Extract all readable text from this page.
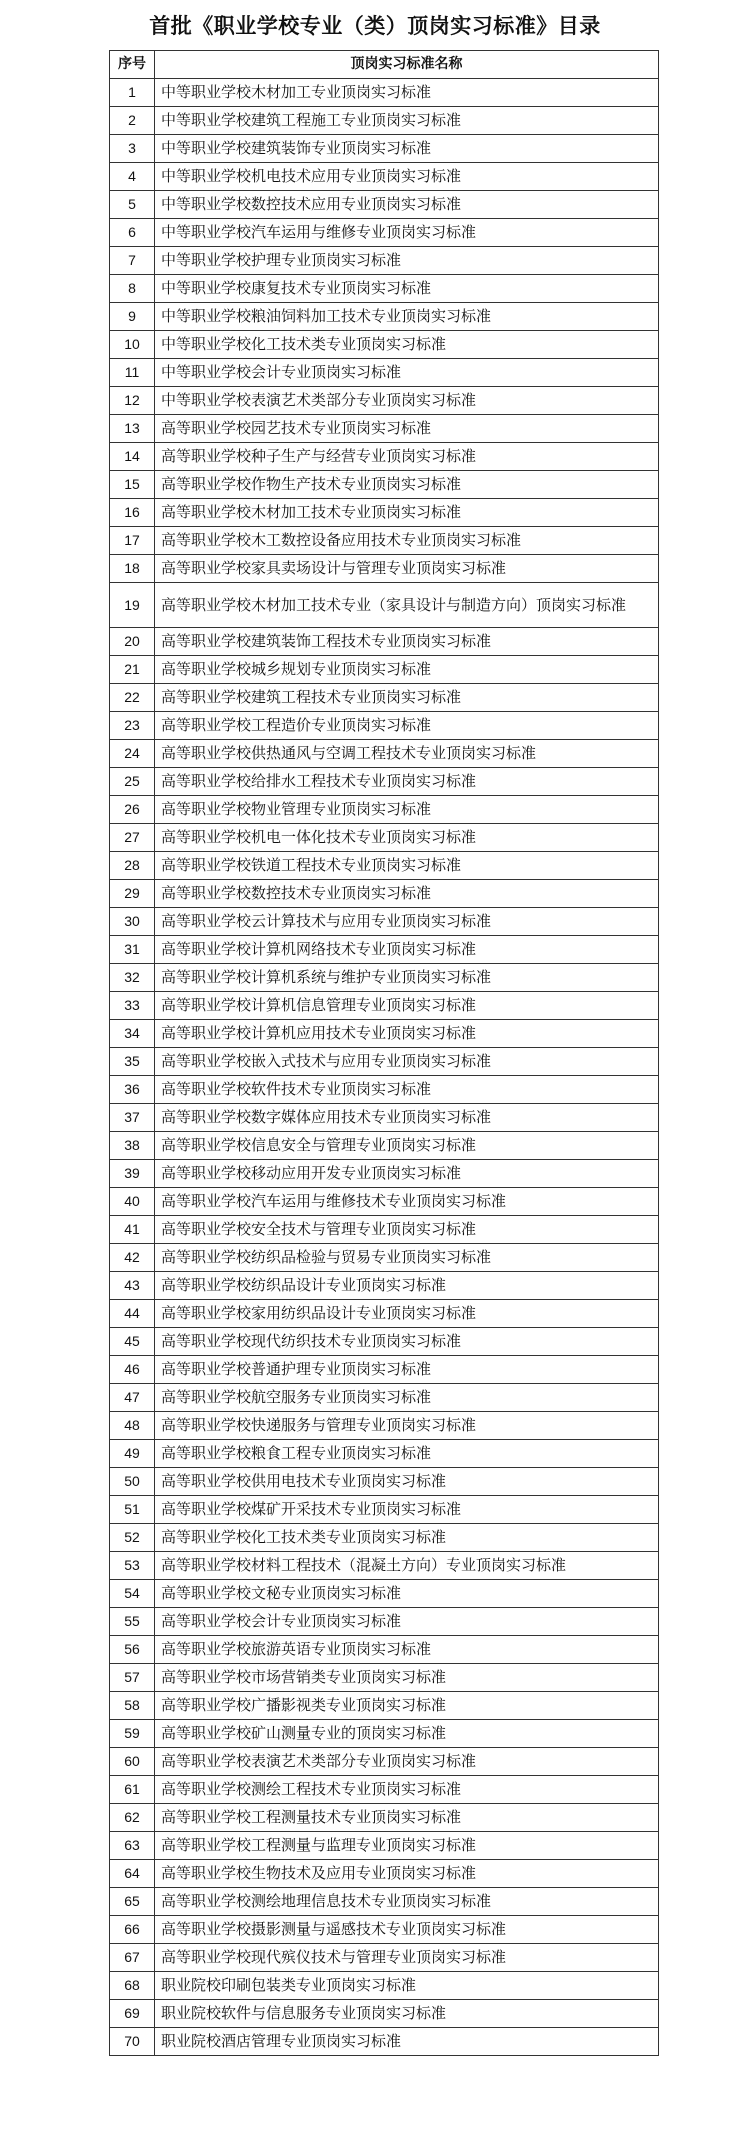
首批《职业学校专业（类）顶岗实习标准》目录
序号	顶岗实习标准名称
1	中等职业学校木材加工专业顶岗实习标准
2	中等职业学校建筑工程施工专业顶岗实习标准
3	中等职业学校建筑装饰专业顶岗实习标准
4	中等职业学校机电技术应用专业顶岗实习标准
5	中等职业学校数控技术应用专业顶岗实习标准
6	中等职业学校汽车运用与维修专业顶岗实习标准
7	中等职业学校护理专业顶岗实习标准
8	中等职业学校康复技术专业顶岗实习标准
9	中等职业学校粮油饲料加工技术专业顶岗实习标准
10	中等职业学校化工技术类专业顶岗实习标准
11	中等职业学校会计专业顶岗实习标准
12	中等职业学校表演艺术类部分专业顶岗实习标准
13	高等职业学校园艺技术专业顶岗实习标准
14	高等职业学校种子生产与经营专业顶岗实习标准
15	高等职业学校作物生产技术专业顶岗实习标准
16	高等职业学校木材加工技术专业顶岗实习标准
17	高等职业学校木工数控设备应用技术专业顶岗实习标准
18	高等职业学校家具卖场设计与管理专业顶岗实习标准
19	高等职业学校木材加工技术专业（家具设计与制造方向）顶岗实习标准
20	高等职业学校建筑装饰工程技术专业顶岗实习标准
21	高等职业学校城乡规划专业顶岗实习标准
22	高等职业学校建筑工程技术专业顶岗实习标准
23	高等职业学校工程造价专业顶岗实习标准
24	高等职业学校供热通风与空调工程技术专业顶岗实习标准
25	高等职业学校给排水工程技术专业顶岗实习标准
26	高等职业学校物业管理专业顶岗实习标准
27	高等职业学校机电一体化技术专业顶岗实习标准
28	高等职业学校铁道工程技术专业顶岗实习标准
29	高等职业学校数控技术专业顶岗实习标准
30	高等职业学校云计算技术与应用专业顶岗实习标准
31	高等职业学校计算机网络技术专业顶岗实习标准
32	高等职业学校计算机系统与维护专业顶岗实习标准
33	高等职业学校计算机信息管理专业顶岗实习标准
34	高等职业学校计算机应用技术专业顶岗实习标准
35	高等职业学校嵌入式技术与应用专业顶岗实习标准
36	高等职业学校软件技术专业顶岗实习标准
37	高等职业学校数字媒体应用技术专业顶岗实习标准
38	高等职业学校信息安全与管理专业顶岗实习标准
39	高等职业学校移动应用开发专业顶岗实习标准
40	高等职业学校汽车运用与维修技术专业顶岗实习标准
41	高等职业学校安全技术与管理专业顶岗实习标准
42	高等职业学校纺织品检验与贸易专业顶岗实习标准
43	高等职业学校纺织品设计专业顶岗实习标准
44	高等职业学校家用纺织品设计专业顶岗实习标准
45	高等职业学校现代纺织技术专业顶岗实习标准
46	高等职业学校普通护理专业顶岗实习标准
47	高等职业学校航空服务专业顶岗实习标准
48	高等职业学校快递服务与管理专业顶岗实习标准
49	高等职业学校粮食工程专业顶岗实习标准
50	高等职业学校供用电技术专业顶岗实习标准
51	高等职业学校煤矿开采技术专业顶岗实习标准
52	高等职业学校化工技术类专业顶岗实习标准
53	高等职业学校材料工程技术（混凝土方向）专业顶岗实习标准
54	高等职业学校文秘专业顶岗实习标准
55	高等职业学校会计专业顶岗实习标准
56	高等职业学校旅游英语专业顶岗实习标准
57	高等职业学校市场营销类专业顶岗实习标准
58	高等职业学校广播影视类专业顶岗实习标准
59	高等职业学校矿山测量专业的顶岗实习标准
60	高等职业学校表演艺术类部分专业顶岗实习标准
61	高等职业学校测绘工程技术专业顶岗实习标准
62	高等职业学校工程测量技术专业顶岗实习标准
63	高等职业学校工程测量与监理专业顶岗实习标准
64	高等职业学校生物技术及应用专业顶岗实习标准
65	高等职业学校测绘地理信息技术专业顶岗实习标准
66	高等职业学校摄影测量与遥感技术专业顶岗实习标准
67	高等职业学校现代殡仪技术与管理专业顶岗实习标准
68	职业院校印刷包装类专业顶岗实习标准
69	职业院校软件与信息服务专业顶岗实习标准
70	职业院校酒店管理专业顶岗实习标准
